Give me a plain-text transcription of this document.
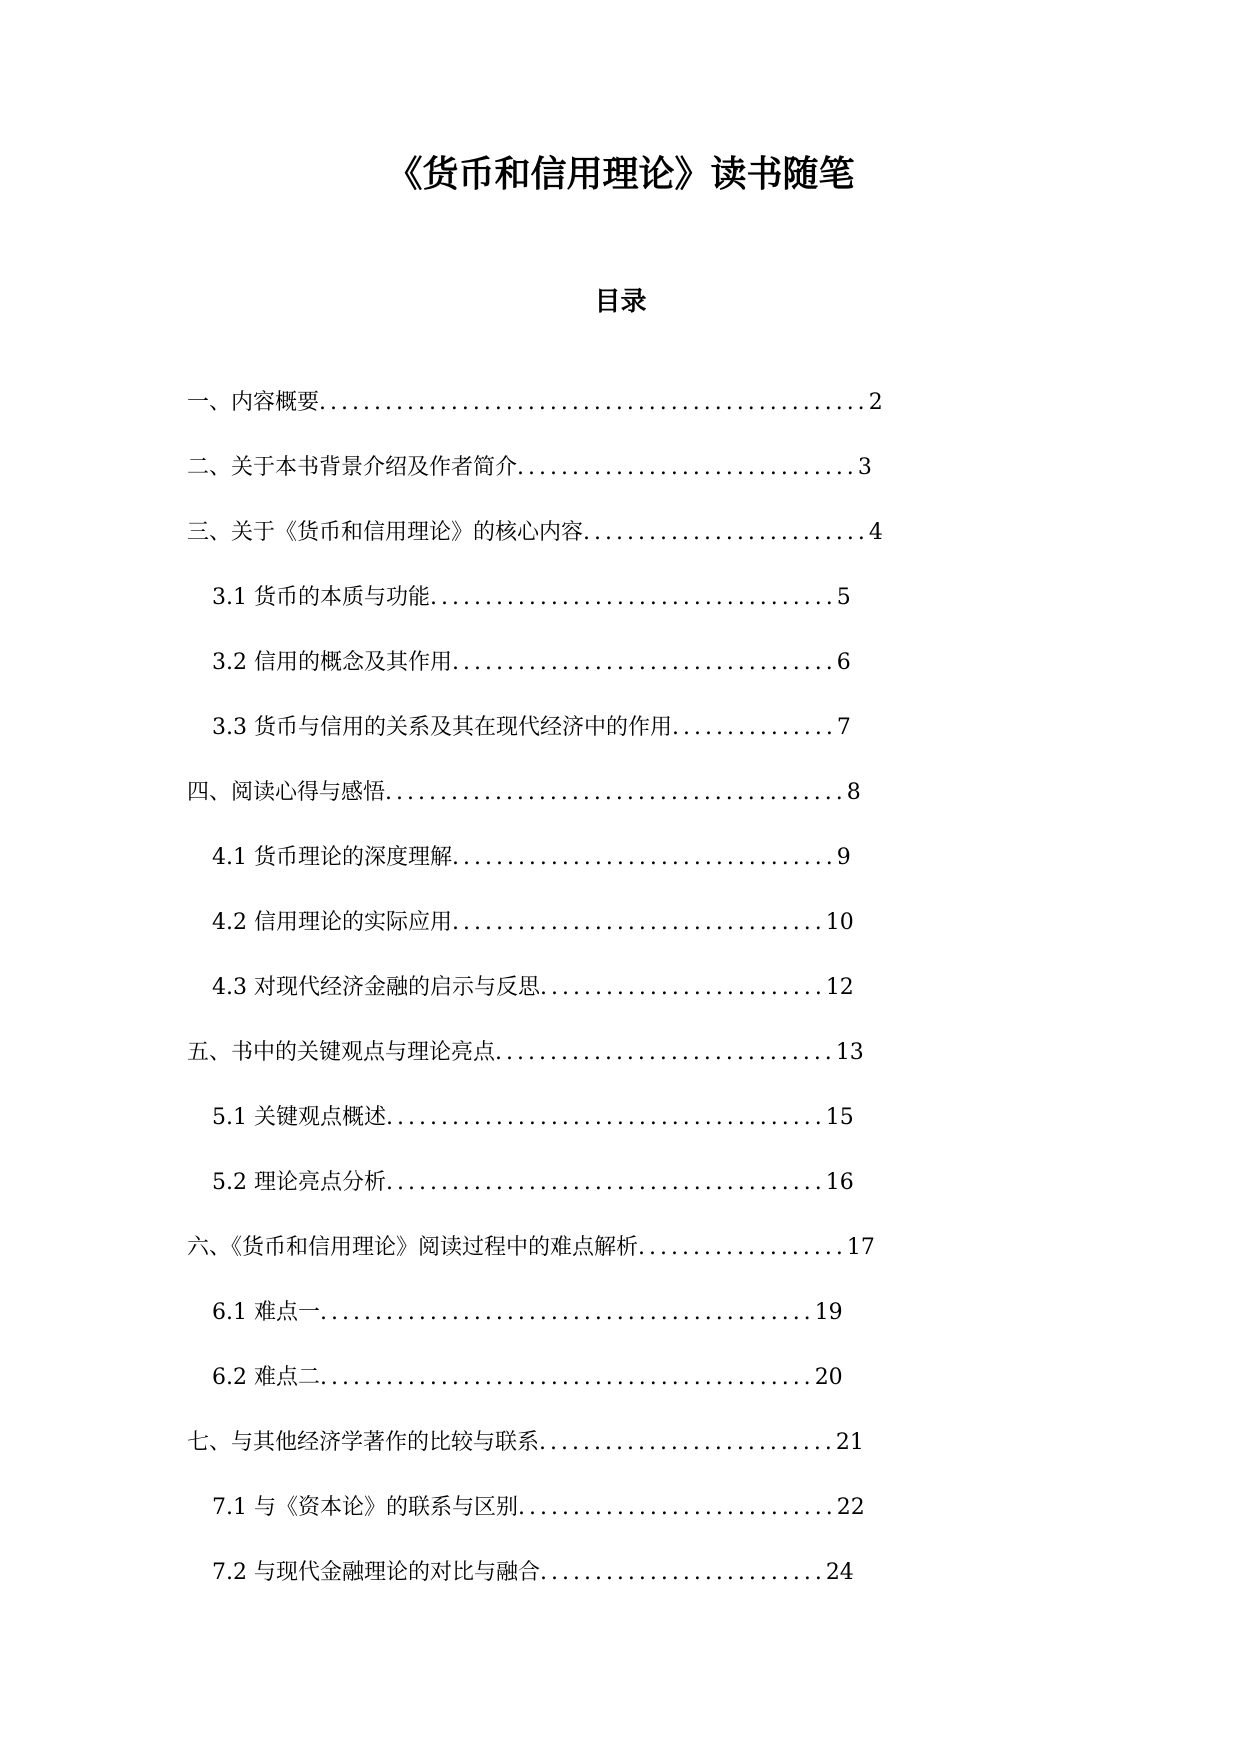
《货币和信用理论》读书随笔
目录
一、内容概要..................................................2
二、关于本书背景介绍及作者简介...............................3
三、关于《货币和信用理论》的核心内容..........................4
3.1 货币的本质与功能.....................................5
3.2 信用的概念及其作用...................................6
3.3 货币与信用的关系及其在现代经济中的作用...............7
四、阅读心得与感悟..........................................8
4.1 货币理论的深度理解...................................9
4.2 信用理论的实际应用..................................10
4.3 对现代经济金融的启示与反思..........................12
五、书中的关键观点与理论亮点...............................13
5.1 关键观点概述........................................15
5.2 理论亮点分析........................................16
六、《货币和信用理论》阅读过程中的难点解析...................17
6.1 难点一.............................................19
6.2 难点二.............................................20
七、与其他经济学著作的比较与联系...........................21
7.1 与《资本论》的联系与区别.............................22
7.2 与现代金融理论的对比与融合..........................24
